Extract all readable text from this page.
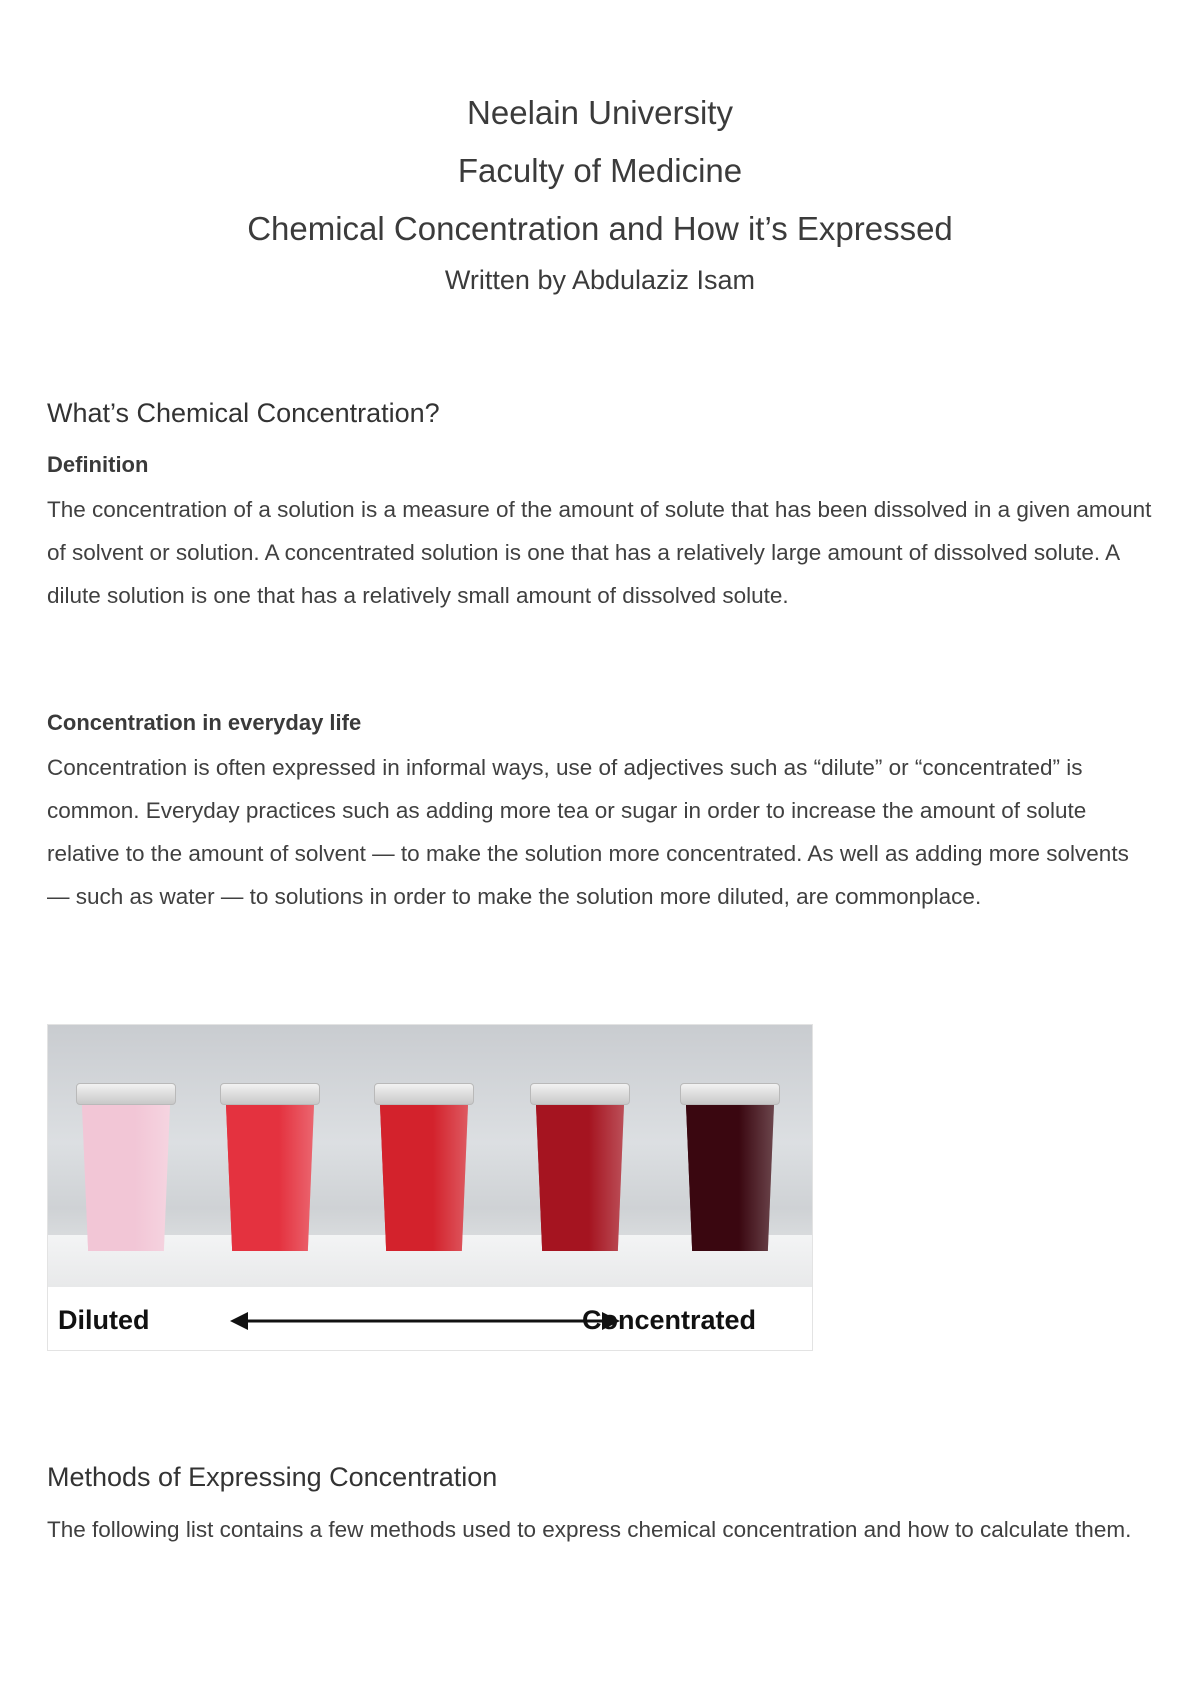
Neelain University
Faculty of Medicine
Chemical Concentration and How it’s Expressed
Written by Abdulaziz Isam
What’s Chemical Concentration?
Definition

The concentration of a solution is a measure of the amount of solute that has been dissolved in a given amount of solvent or solution. A concentrated solution is one that has a relatively large amount of dissolved solute. A dilute solution is one that has a relatively small amount of dissolved solute.

Concentration in everyday life

Concentration is often expressed in informal ways, use of adjectives such as “dilute” or “concentrated” is common. Everyday practices such as adding more tea or sugar in order to increase the amount of solute relative to the amount of solvent — to make the solution more concentrated. As well as adding more solvents — such as water — to solutions in order to make the solution more diluted, are commonplace.

Diluted	Concentrated
Methods of Expressing Concentration

The following list contains a few methods used to express chemical concentration and how to calculate them.
